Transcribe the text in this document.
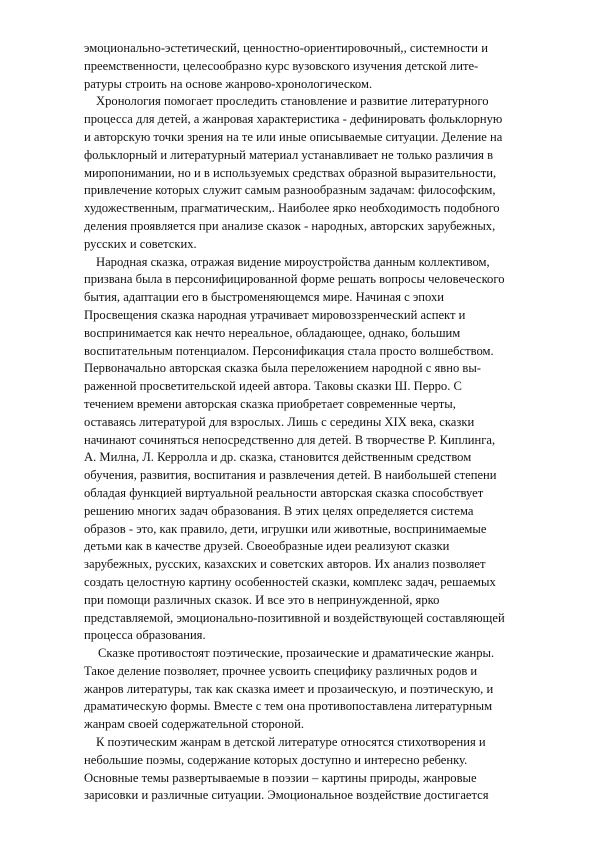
эмоционально-эстетический, ценностно-ориентировочный,, системности и
преемственности, целесообразно курс вузовского изучения детской лите-
ратуры строить на основе жанрово-хронологическом.

Хронология помогает проследить становление и развитие литературного
процесса для детей, а жанровая характеристика - дефинировать фольклорную
и авторскую точки зрения на те или иные описываемые ситуации. Деление на
фольклорный и литературный материал устанавливает не только различия в
миропонимании, но и в используемых средствах образной выразительности,
привлечение которых служит самым разнообразным задачам: философским,
художественным, прагматическим,. Наиболее ярко необходимость подобного
деления проявляется при анализе сказок - народных, авторских зарубежных,
русских и советских.

Народная сказка, отражая видение мироустройства данным коллективом,
призвана была в персонифицированной форме решать вопросы человеческого
бытия, адаптации его в быстроменяющемся мире. Начиная с эпохи
Просвещения сказка народная утрачивает мировоззренческий аспект и
воспринимается как нечто нереальное, обладающее, однако, большим
воспитательным потенциалом. Персонификация стала просто волшебством.
Первоначально авторская сказка была переложением народной с явно вы-
раженной просветительской идеей автора. Таковы сказки Ш. Перро. С
течением времени авторская сказка приобретает современные черты,
оставаясь литературой для взрослых. Лишь с середины XIX века, сказки
начинают сочиняться непосредственно для детей. В творчестве Р. Киплинга,
А. Милна, Л. Керролла и др. сказка, становится действенным средством
обучения, развития, воспитания и развлечения детей. В наибольшей степени
обладая функцией виртуальной реальности авторская сказка способствует
решению многих задач образования. В этих целях определяется система
образов - это, как правило, дети, игрушки или животные, воспринимаемые
детьми как в качестве друзей. Своеобразные идеи реализуют сказки
зарубежных, русских, казахских и советских авторов. Их анализ позволяет
создать целостную картину особенностей сказки, комплекс задач, решаемых
при помощи различных сказок. И все это в непринужденной, ярко
представляемой, эмоционально-позитивной и воздействующей составляющей
процесса образования.

Сказке противостоят поэтические, прозаические и драматические жанры.
Такое деление позволяет, прочнее усвоить специфику различных родов и
жанров литературы, так как сказка имеет и прозаическую, и поэтическую, и
драматическую формы. Вместе с тем она противопоставлена литературным
жанрам своей содержательной стороной.

К поэтическим жанрам в детской литературе относятся стихотворения и
небольшие поэмы, содержание которых доступно и интересно ребенку.
Основные темы развертываемые в поэзии – картины природы, жанровые
зарисовки и различные ситуации. Эмоциональное воздействие достигается
